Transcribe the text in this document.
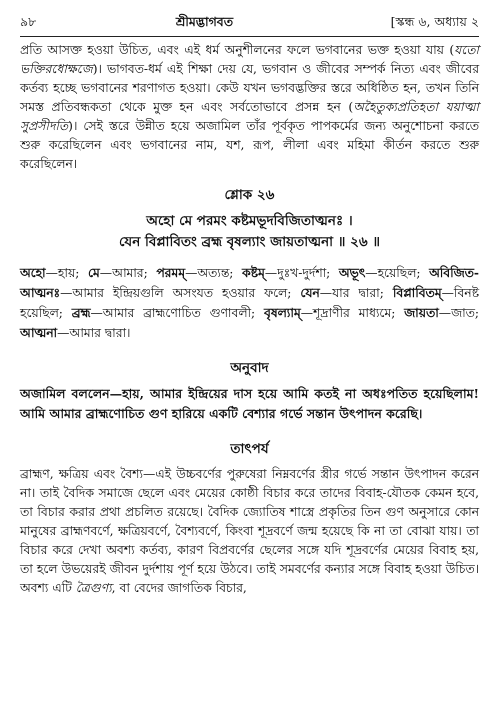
৯৮	শ্রীমদ্ভাগবত	[স্কন্ধ ৬, অধ্যায় ২

প্রতি আসক্ত হওয়া উচিত, এবং এই ধর্ম অনুশীলনের ফলে ভগবানের ভক্ত হওয়া যায় (যতো ভক্তিরধোক্ষজে)। ভাগবত-ধর্ম এই শিক্ষা দেয় যে, ভগবান ও জীবের সম্পর্ক নিত্য এবং জীবের কর্তব্য হচ্ছে ভগবানের শরণাগত হওয়া। কেউ যখন ভগবদ্ভক্তির স্তরে অধিষ্ঠিত হন, তখন তিনি সমস্ত প্রতিবন্ধকতা থেকে মুক্ত হন এবং সর্বতোভাবে প্রসন্ন হন (অহৈতুক্যপ্রতিহতা যয়াত্মা সুপ্রসীদতি)। সেই স্তরে উন্নীত হয়ে অজামিল তাঁর পূর্বকৃত পাপকর্মের জন্য অনুশোচনা করতে শুরু করেছিলেন এবং ভগবানের নাম, যশ, রূপ, লীলা এবং মহিমা কীর্তন করতে শুরু করেছিলেন।

শ্লোক ২৬
অহো মে পরমং কষ্টমভূদবিজিতাত্মনঃ ।
যেন বিপ্লাবিতং ব্রহ্ম বৃষল্যাং জায়তাত্মনা ॥ ২৬ ॥
অহো—হায়; মে—আমার; পরমম্—অত্যন্ত; কষ্টম্—দুঃখ-দুর্দশা; অভূৎ—হয়েছিল; অবিজিত-আত্মনঃ—আমার ইন্দ্রিয়গুলি অসংযত হওয়ার ফলে; যেন—যার দ্বারা; বিপ্লাবিতম্—বিনষ্ট হয়েছিল; ব্রহ্ম—আমার ব্রাহ্মণোচিত গুণাবলী; বৃষল্যাম্—শূদ্রাণীর মাধ্যমে; জায়তা—জাত; আত্মনা—আমার দ্বারা।
অনুবাদ
অজামিল বললেন—হায়, আমার ইন্দ্রিয়ের দাস হয়ে আমি কতই না অধঃপতিত হয়েছিলাম! আমি আমার ব্রাহ্মণোচিত গুণ হারিয়ে একটি বেশ্যার গর্ভে সন্তান উৎপাদন করেছি।
তাৎপর্য
ব্রাহ্মণ, ক্ষত্রিয় এবং বৈশ্য—এই উচ্চবর্ণের পুরুষেরা নিম্নবর্ণের স্ত্রীর গর্ভে সন্তান উৎপাদন করেন না। তাই বৈদিক সমাজে ছেলে এবং মেয়ের কোষ্ঠী বিচার করে তাদের বিবাহ-যৌতক কেমন হবে, তা বিচার করার প্রথা প্রচলিত রয়েছে। বৈদিক জ্যোতিষ শাস্ত্রে প্রকৃতির তিন গুণ অনুসারে কোন মানুষের ব্রাহ্মণবর্ণে, ক্ষত্রিয়বর্ণে, বৈশ্যবর্ণে, কিংবা শূদ্রবর্ণে জন্ম হয়েছে কি না তা বোঝা যায়। তা বিচার করে দেখা অবশ্য কর্তব্য, কারণ বিপ্রবর্ণের ছেলের সঙ্গে যদি শূদ্রবর্ণের মেয়ের বিবাহ হয়, তা হলে উভয়েরই জীবন দুর্দশায় পূর্ণ হয়ে উঠবে। তাই সমবর্ণের কন্যার সঙ্গে বিবাহ হওয়া উচিত। অবশ্য এটি ত্রৈগুণ্য, বা বেদের জাগতিক বিচার,
